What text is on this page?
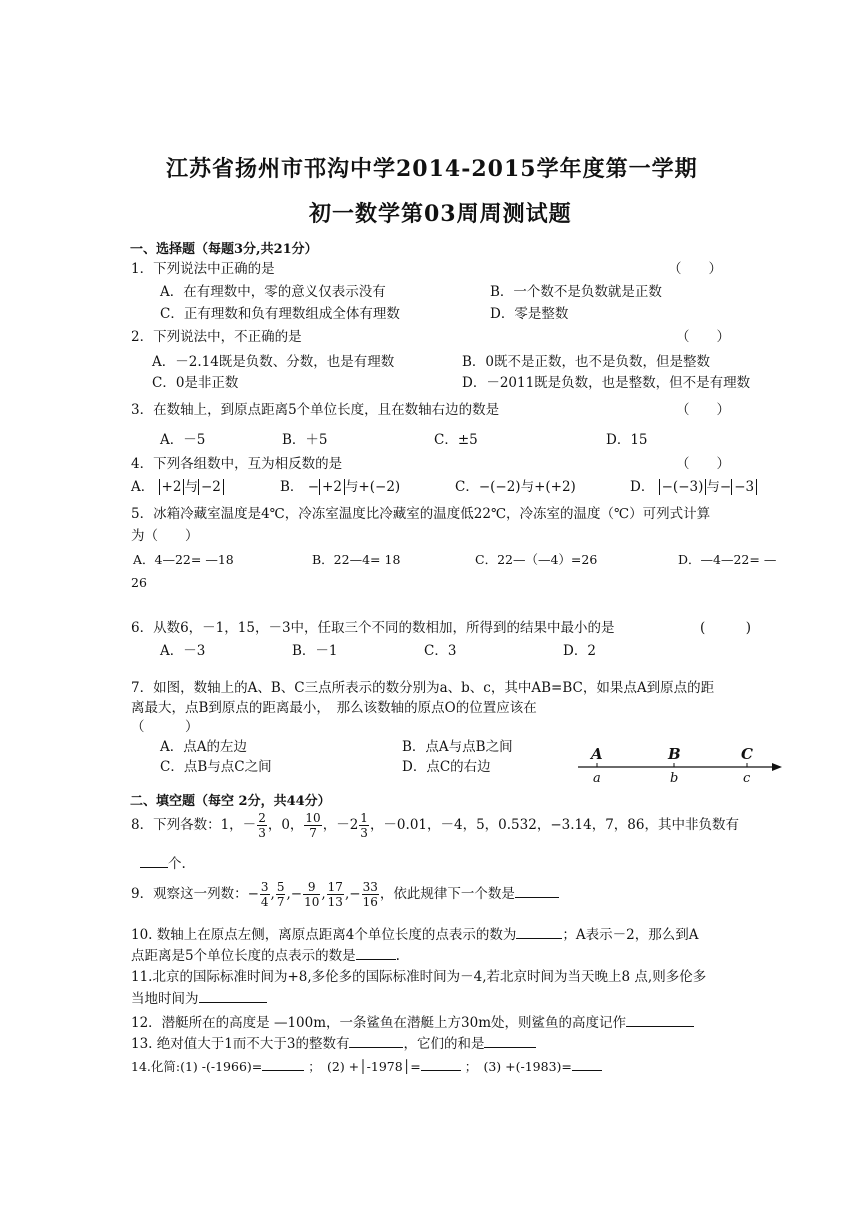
江苏省扬州市邗沟中学2014-2015学年度第一学期
初一数学第03周周测试题
一、选择题（每题3分,共21分）
1．下列说法中正确的是	（　　）
A．在有理数中，零的意义仅表示没有	B．一个数不是负数就是正数
C．正有理数和负有理数组成全体有理数	D．零是整数
2．下列说法中，不正确的是	（　　）
A．－2.14既是负数、分数，也是有理数	B．0既不是正数，也不是负数，但是整数
C．0是非正数	D．－2011既是负数，也是整数，但不是有理数
3．在数轴上，到原点距离5个单位长度，且在数轴右边的数是	（　　）
A．－5	B．＋5	C．±5	D．15
4．下列各组数中，互为相反数的是	（　　）
A． +2 与 −2	B． − +2 与+(−2)	C．−(−2)与+(+2)	D． −(−3) 与− −3
5．冰箱冷藏室温度是4℃，冷冻室温度比冷藏室的温度低22℃，冷冻室的温度（℃）可列式计算
为（　　）
A．4—22= —18	B．22—4= 18	C．22—（—4）=26	D．—4—22= —
26
6．从数6，－1，15，－3中，任取三个不同的数相加，所得到的结果中最小的是	(　　　)
A．－3	B．－1	C．3	D．2
7．如图，数轴上的A、B、C三点所表示的数分别为a、b、c，其中AB=BC，如果点A到原点的距
离最大，点B到原点的距离最小，　那么该数轴的原点O的位置应该在
（　　　）
A．点A的左边	B．点A与点B之间
C．点B与点C之间	D．点C的右边
A	B	C
a	b	c
二、填空题（每空 2分，共44分）
8．下列各数：1，－ $\frac{2}{3}$ ，0， $\frac{10}{7}$ ，$-2 \frac{1}{3}$ ，－0.01，－4，5，0.532，−3.14，7，86，其中非负数有
个.
9．观察这一列数：− $\frac{3}{4}$ , $\frac{5}{7}$ ,− $\frac{9}{10}$ , $\frac{17}{13}$ ,− $\frac{33}{16}$ ，依此规律下一个数是
10. 数轴上在原点左侧，离原点距离4个单位长度的点表示的数为	；A表示－2，那么到A
点距离是5个单位长度的点表示的数是	.
11.北京的国际标准时间为+8,多伦多的国际标准时间为－4,若北京时间为当天晚上8 点,则多伦多
当地时间为
12．潜艇所在的高度是 —100m，一条鲨鱼在潜艇上方30m处，则鲨鱼的高度记作
13. 绝对值大于1而不大于3的整数有	，它们的和是
14.化简:(1) -(-1966)=	；　(2) +│-1978│=	；　(3) +(-1983)=
